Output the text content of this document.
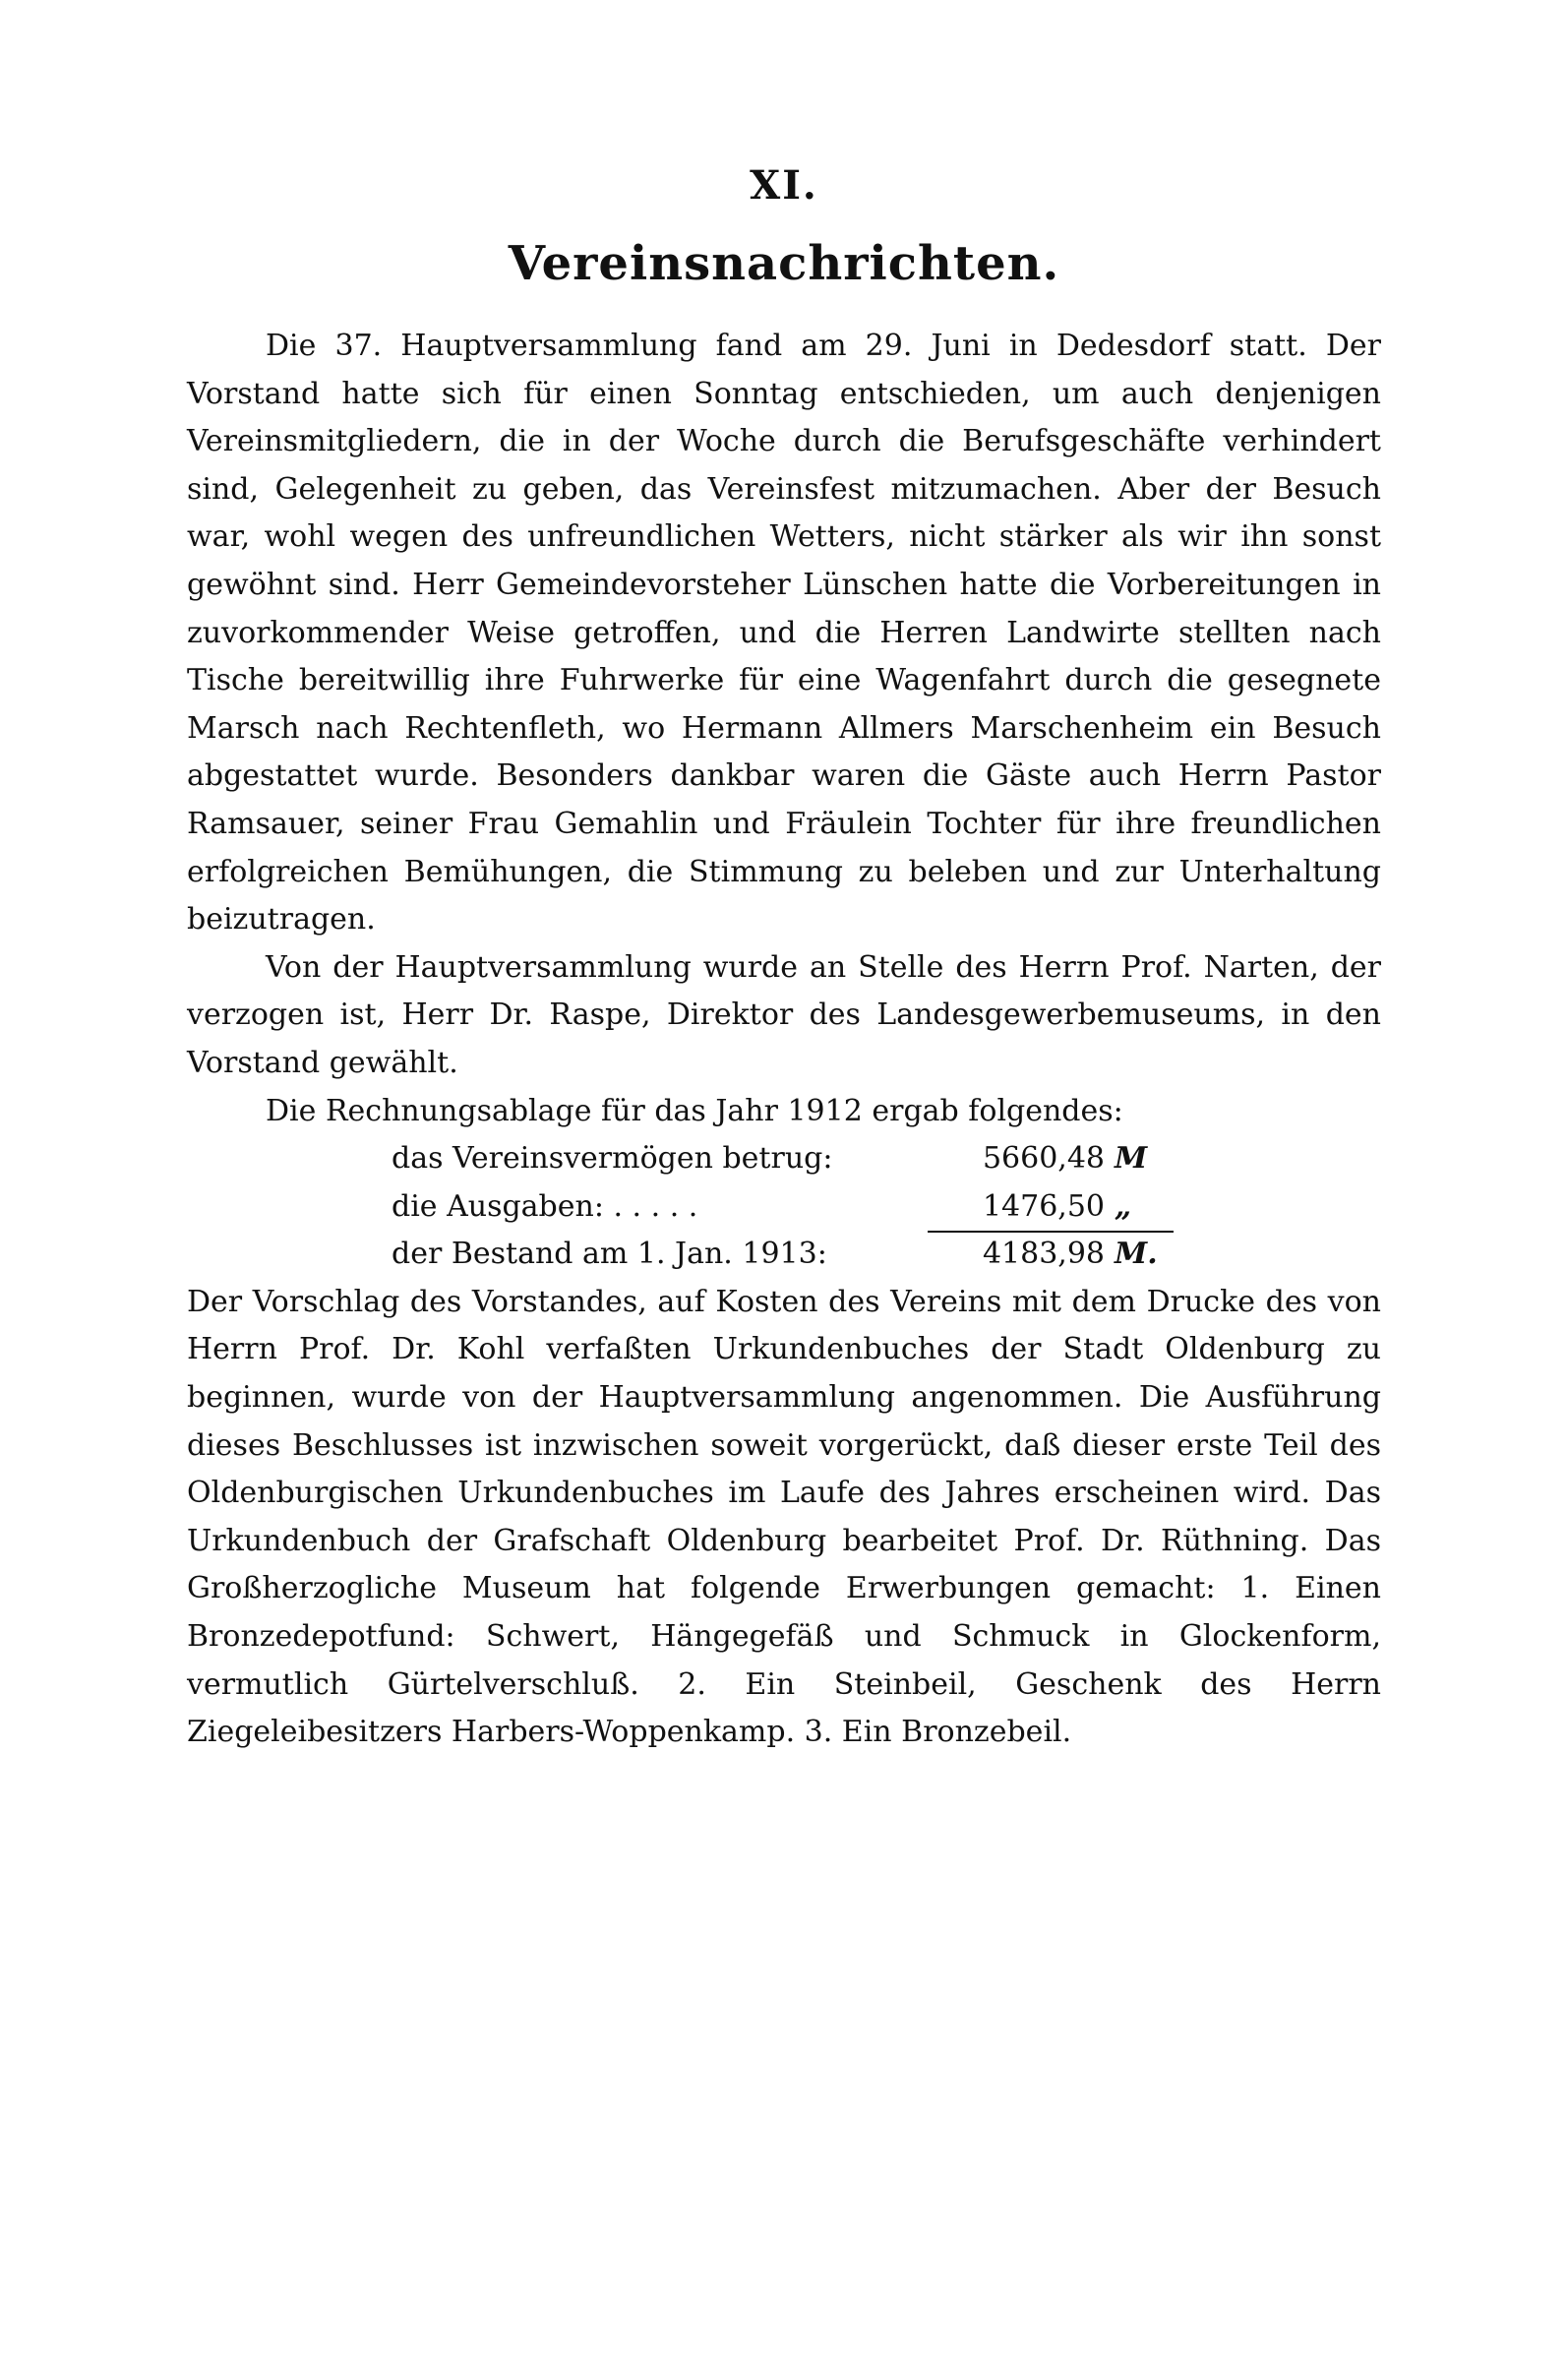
XI.
Vereinsnachrichten.

Die 37. Hauptversammlung fand am 29. Juni in Dedesdorf statt. Der Vorstand hatte sich für einen Sonntag entschieden, um auch denjenigen Vereinsmitgliedern, die in der Woche durch die Berufsgeschäfte verhindert sind, Gelegenheit zu geben, das Vereinsfest mitzumachen. Aber der Besuch war, wohl wegen des unfreundlichen Wetters, nicht stärker als wir ihn sonst gewöhnt sind. Herr Gemeindevorsteher Lünschen hatte die Vorbereitungen in zuvorkommender Weise getroffen, und die Herren Landwirte stellten nach Tische bereitwillig ihre Fuhrwerke für eine Wagenfahrt durch die gesegnete Marsch nach Rechtenfleth, wo Hermann Allmers Marschenheim ein Besuch abgestattet wurde. Besonders dankbar waren die Gäste auch Herrn Pastor Ramsauer, seiner Frau Gemahlin und Fräulein Tochter für ihre freundlichen erfolgreichen Bemühungen, die Stimmung zu beleben und zur Unterhaltung beizutragen.

Von der Hauptversammlung wurde an Stelle des Herrn Prof. Narten, der verzogen ist, Herr Dr. Raspe, Direktor des Landesgewerbemuseums, in den Vorstand gewählt.

Die Rechnungsablage für das Jahr 1912 ergab folgendes:

das Vereinsvermögen betrug:	5660,48 M
die Ausgaben: . . . . .	1476,50 „
der Bestand am 1. Jan. 1913:	4183,98 M.

Der Vorschlag des Vorstandes, auf Kosten des Vereins mit dem Drucke des von Herrn Prof. Dr. Kohl verfaßten Urkundenbuches der Stadt Oldenburg zu beginnen, wurde von der Hauptversammlung angenommen. Die Ausführung dieses Beschlusses ist inzwischen soweit vorgerückt, daß dieser erste Teil des Oldenburgischen Urkundenbuches im Laufe des Jahres erscheinen wird. Das Urkundenbuch der Grafschaft Oldenburg bearbeitet Prof. Dr. Rüthning. Das Großherzogliche Museum hat folgende Erwerbungen gemacht: 1. Einen Bronzedepotfund: Schwert, Hängegefäß und Schmuck in Glockenform, vermutlich Gürtelverschluß. 2. Ein Steinbeil, Geschenk des Herrn Ziegeleibesitzers Harbers-Woppenkamp. 3. Ein Bronzebeil.
